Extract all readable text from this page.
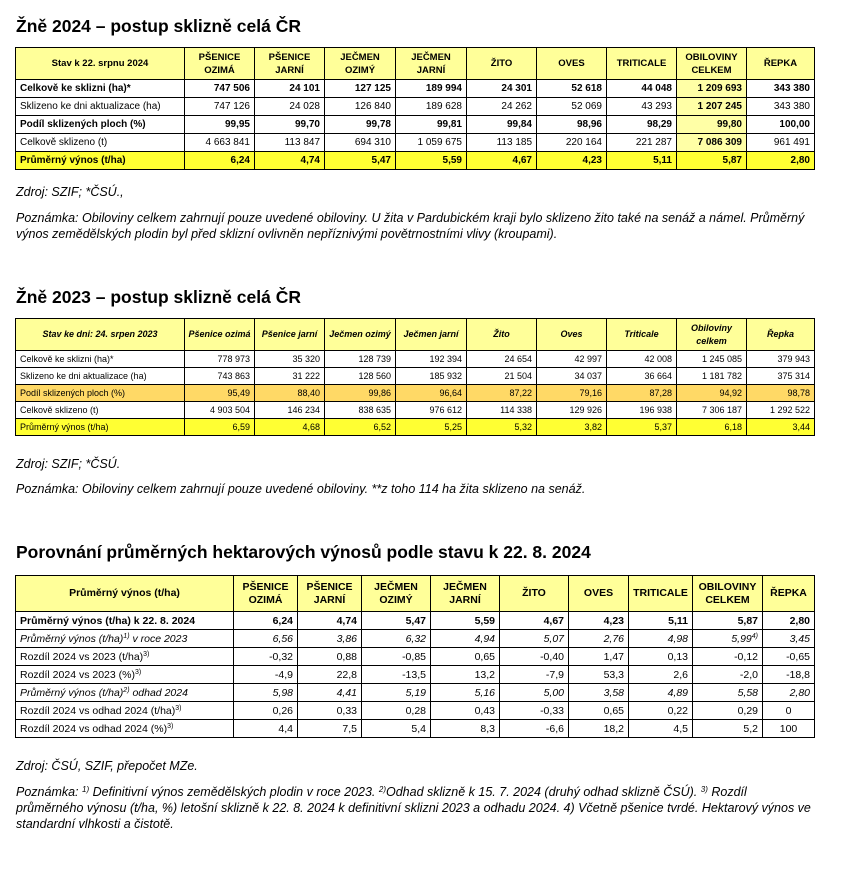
Žně 2024 – postup sklizně celá ČR
Stav k 22. srpnu 2024	PŠENICE OZIMÁ	PŠENICE JARNÍ	JEČMEN OZIMÝ	JEČMEN JARNÍ	ŽITO	OVES	TRITICALE	OBILOVINY CELKEM	ŘEPKA
Celkově ke sklizni (ha)*	747 506	24 101	127 125	189 994	24 301	52 618	44 048	1 209 693	343 380
Sklizeno ke dni aktualizace (ha)	747 126	24 028	126 840	189 628	24 262	52 069	43 293	1 207 245	343 380
Podíl sklizených ploch (%)	99,95	99,70	99,78	99,81	99,84	98,96	98,29	99,80	100,00
Celkově sklizeno (t)	4 663 841	113 847	694 310	1 059 675	113 185	220 164	221 287	7 086 309	961 491
Průměrný výnos (t/ha)	6,24	4,74	5,47	5,59	4,67	4,23	5,11	5,87	2,80
Zdroj: SZIF; *ČSÚ.,
Poznámka: Obiloviny celkem zahrnují pouze uvedené obiloviny. U žita v Pardubickém kraji bylo sklizeno žito také na senáž a námel. Průměrný výnos zemědělských plodin byl před sklizní ovlivněn nepříznivými povětrnostními vlivy (kroupami).
Žně 2023 – postup sklizně celá ČR
Stav ke dni: 24. srpen 2023	Pšenice ozimá	Pšenice jarní	Ječmen ozimý	Ječmen jarní	Žito	Oves	Triticale	Obiloviny celkem	Řepka
Celkově ke sklizni (ha)*	778 973	35 320	128 739	192 394	24 654	42 997	42 008	1 245 085	379 943
Sklizeno ke dni aktualizace (ha)	743 863	31 222	128 560	185 932	21 504	34 037	36 664	1 181 782	375 314
Podíl sklizených ploch (%)	95,49	88,40	99,86	96,64	87,22	79,16	87,28	94,92	98,78
Celkově sklizeno (t)	4 903 504	146 234	838 635	976 612	114 338	129 926	196 938	7 306 187	1 292 522
Průměrný výnos (t/ha)	6,59	4,68	6,52	5,25	5,32	3,82	5,37	6,18	3,44
Zdroj: SZIF; *ČSÚ.
Poznámka: Obiloviny celkem zahrnují pouze uvedené obiloviny. **z toho 114 ha žita sklizeno na senáž.
Porovnání průměrných hektarových výnosů podle stavu k 22. 8. 2024
Průměrný výnos (t/ha)	PŠENICE OZIMÁ	PŠENICE JARNÍ	JEČMEN OZIMÝ	JEČMEN JARNÍ	ŽITO	OVES	TRITICALE	OBILOVINY CELKEM	ŘEPKA
Průměrný výnos (t/ha) k 22. 8. 2024	6,24	4,74	5,47	5,59	4,67	4,23	5,11	5,87	2,80
Průměrný výnos $(t/ha)^{1)}$ v roce 2023	6,56	3,86	6,32	4,94	5,07	2,76	4,98	5,99$^{4)}$	3,45
Rozdíl 2024 vs 2023 $(t/ha)^{3)}$	-0,32	0,88	-0,85	0,65	-0,40	1,47	0,13	-0,12	-0,65
Rozdíl 2024 vs 2023 (%)$^{3)}$	-4,9	22,8	-13,5	13,2	-7,9	53,3	2,6	-2,0	-18,8
Průměrný výnos $(t/ha)^{2)}$ odhad 2024	5,98	4,41	5,19	5,16	5,00	3,58	4,89	5,58	2,80
Rozdíl 2024 vs odhad 2024 $(t/ha)^{3)}$	0,26	0,33	0,28	0,43	-0,33	0,65	0,22	0,29	0
Rozdíl 2024 vs odhad 2024 (%)$^{3)}$	4,4	7,5	5,4	8,3	-6,6	18,2	4,5	5,2	100
Zdroj: ČSÚ, SZIF, přepočet MZe.
Poznámka: $^{1)}$ Definitivní výnos zemědělských plodin v roce 2023. $^{2)}$Odhad sklizně k 15. 7. 2024 (druhý odhad sklizně ČSÚ). $^{3)}$ Rozdíl průměrného výnosu (t/ha, %) letošní sklizně k 22. 8. 2024 k definitivní sklizni 2023 a odhadu 2024. 4) Včetně pšenice tvrdé. Hektarový výnos ve standardní vlhkosti a čistotě.
